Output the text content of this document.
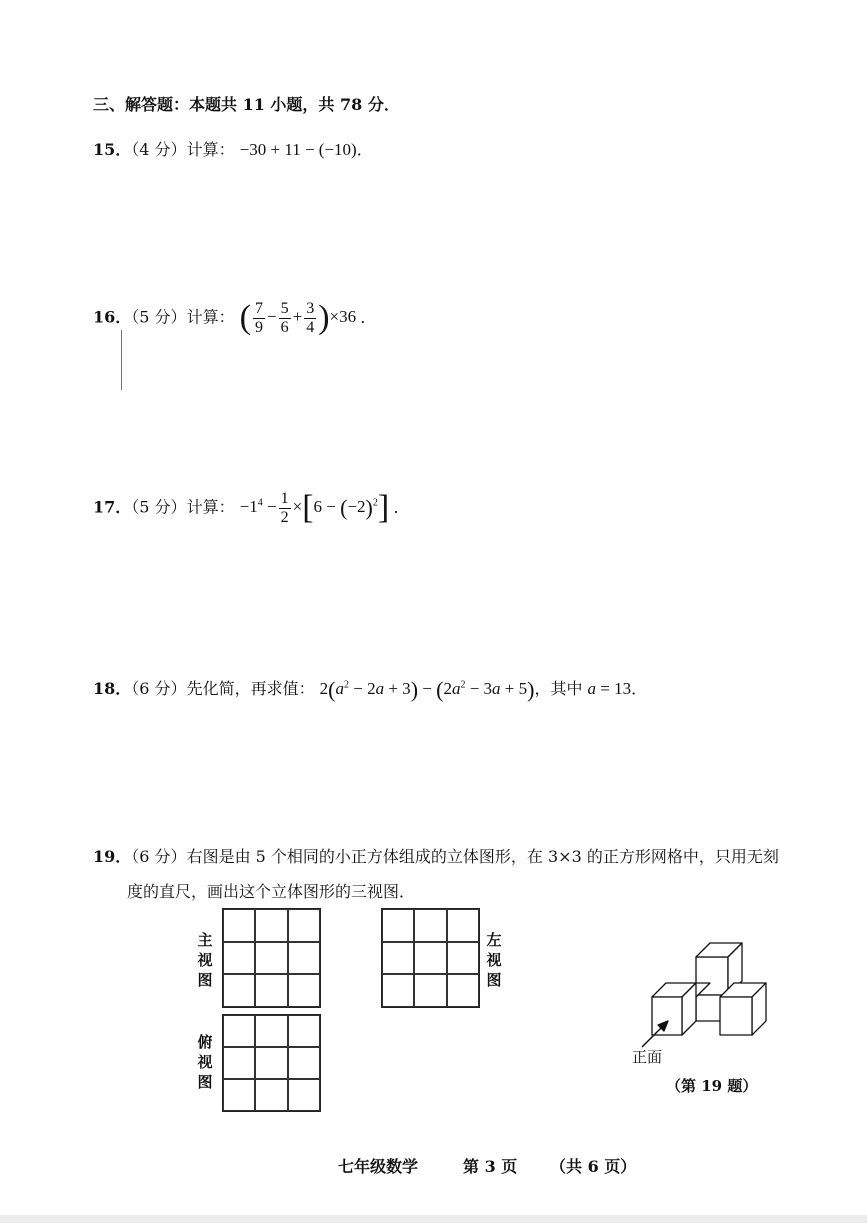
三、解答题：本题共 11 小题，共 78 分．
15．（4 分）计算： −30 + 11 − (−10)．
16．（5 分）计算： ( $\frac{7}{9} - \frac{5}{6} + \frac{3}{4} )\times 36$ ．
17．（5 分）计算： $-1^4 - \frac{1}{2} \times[6 - (-2)^2]$ ．
18．（6 分）先化简，再求值： $2(a^2 - 2a + 3) - (2a^2 - 3a + 5)$，其中 a = 13．
19．（6 分）右图是由 5 个相同的小正方体组成的立体图形，在 3×3 的正方形网格中，只用无刻
度的直尺，画出这个立体图形的三视图．
主
视
图
左
视
图
俯
视
图
正面
（第 19 题）
七年级数学	第 3 页 （共 6 页）
